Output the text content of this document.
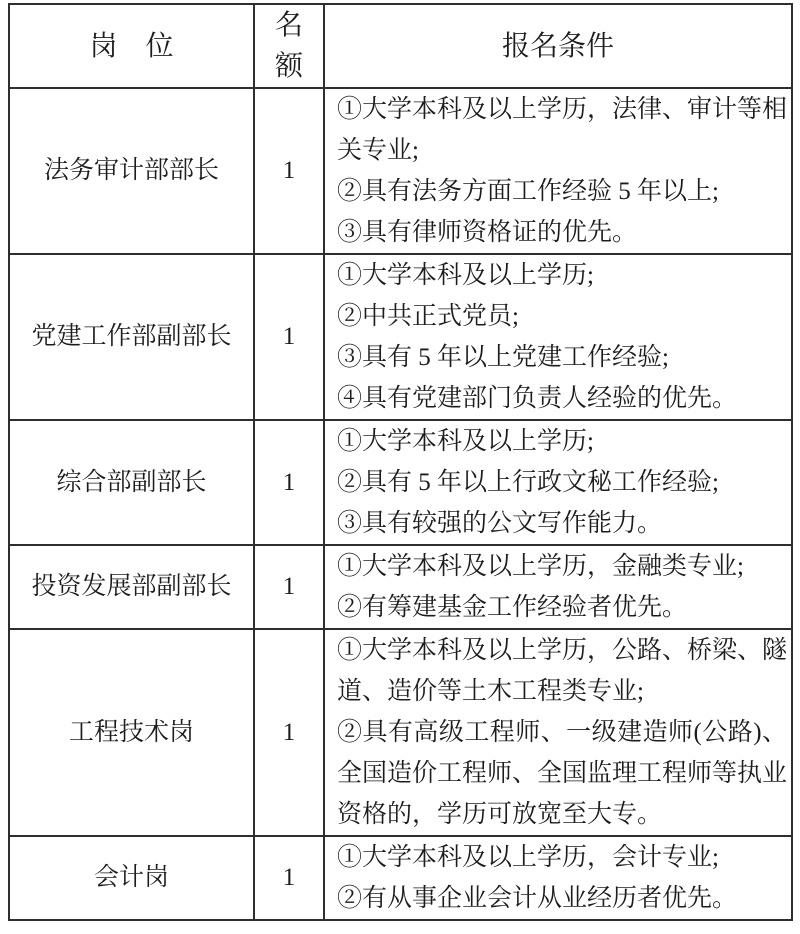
岗　位	名额	报名条件
法务审计部部长	1	①大学本科及以上学历，法律、审计等相关专业;
②具有法务方面工作经验 5 年以上;
③具有律师资格证的优先。

党建工作部副部长	1	①大学本科及以上学历;
②中共正式党员;
③具有 5 年以上党建工作经验;
④具有党建部门负责人经验的优先。

综合部副部长	1	①大学本科及以上学历;
②具有 5 年以上行政文秘工作经验;
③具有较强的公文写作能力。

投资发展部副部长	1	①大学本科及以上学历，金融类专业;
②有筹建基金工作经验者优先。

工程技术岗	1	①大学本科及以上学历，公路、桥梁、隧道、造价等土木工程类专业;
②具有高级工程师、一级建造师(公路)、全国造价工程师、全国监理工程师等执业资格的，学历可放宽至大专。

会计岗	1	①大学本科及以上学历，会计专业;
②有从事企业会计从业经历者优先。
